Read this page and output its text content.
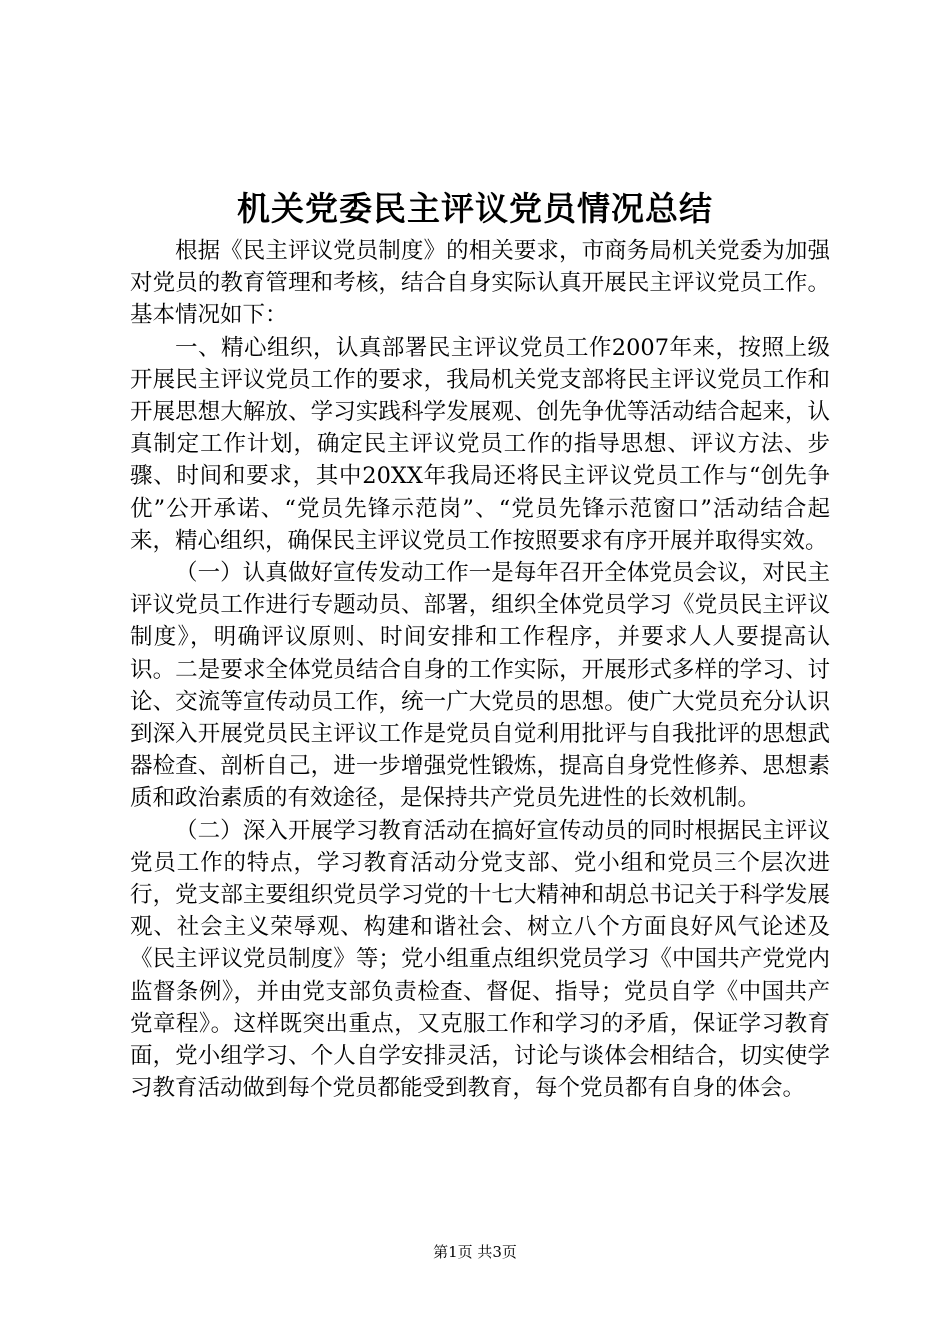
机关党委民主评议党员情况总结

根据《民主评议党员制度》的相关要求，市商务局机关党委为加强对党员的教育管理和考核，结合自身实际认真开展民主评议党员工作。基本情况如下：

一、精心组织，认真部署民主评议党员工作2007年来，按照上级开展民主评议党员工作的要求，我局机关党支部将民主评议党员工作和开展思想大解放、学习实践科学发展观、创先争优等活动结合起来，认真制定工作计划，确定民主评议党员工作的指导思想、评议方法、步骤、时间和要求，其中20XX年我局还将民主评议党员工作与“创先争优”公开承诺、“党员先锋示范岗”、“党员先锋示范窗口”活动结合起来，精心组织，确保民主评议党员工作按照要求有序开展并取得实效。

（一）认真做好宣传发动工作一是每年召开全体党员会议，对民主评议党员工作进行专题动员、部署，组织全体党员学习《党员民主评议制度》，明确评议原则、时间安排和工作程序，并要求人人要提高认识。二是要求全体党员结合自身的工作实际，开展形式多样的学习、讨论、交流等宣传动员工作，统一广大党员的思想。使广大党员充分认识到深入开展党员民主评议工作是党员自觉利用批评与自我批评的思想武器检查、剖析自己，进一步增强党性锻炼，提高自身党性修养、思想素质和政治素质的有效途径，是保持共产党员先进性的长效机制。

（二）深入开展学习教育活动在搞好宣传动员的同时根据民主评议党员工作的特点，学习教育活动分党支部、党小组和党员三个层次进行，党支部主要组织党员学习党的十七大精神和胡总书记关于科学发展观、社会主义荣辱观、构建和谐社会、树立八个方面良好风气论述及《民主评议党员制度》等；党小组重点组织党员学习《中国共产党党内监督条例》，并由党支部负责检查、督促、指导；党员自学《中国共产党章程》。这样既突出重点，又克服工作和学习的矛盾，保证学习教育面，党小组学习、个人自学安排灵活，讨论与谈体会相结合，切实使学习教育活动做到每个党员都能受到教育，每个党员都有自身的体会。

第1页 共3页
